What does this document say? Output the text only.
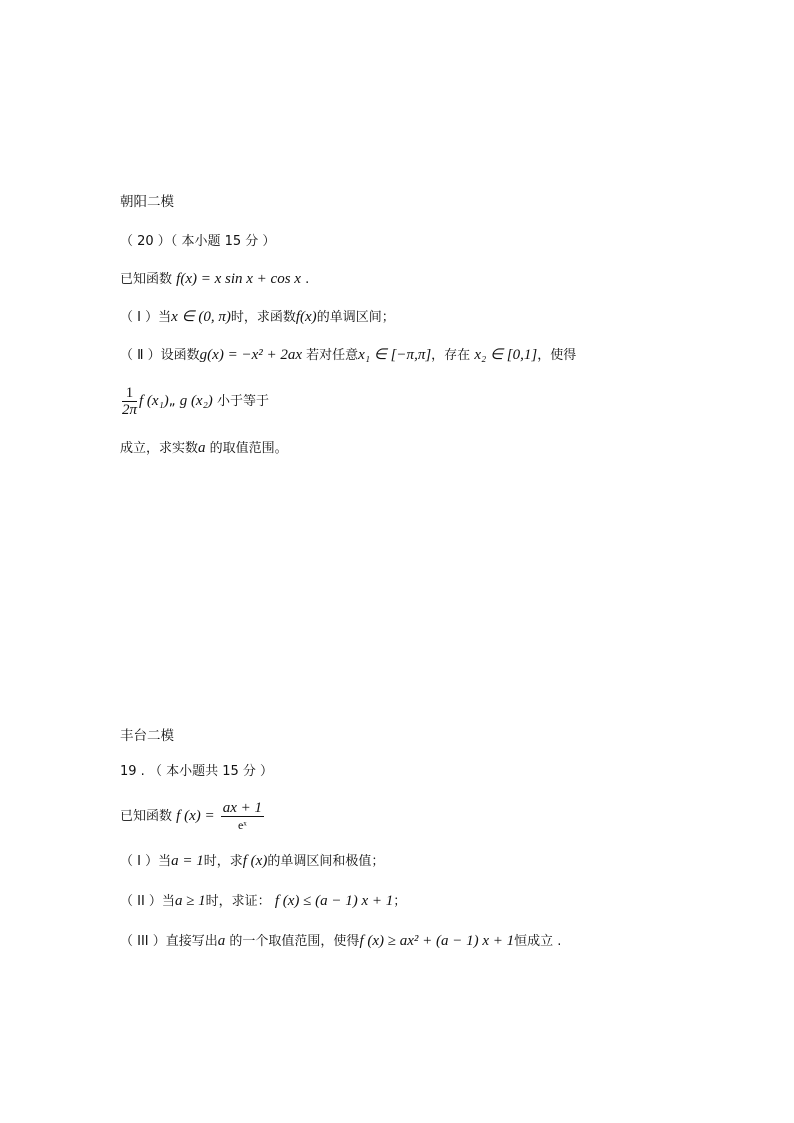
朝阳二模
（ 20 ）（ 本小题 15 分 ）
已知函数 f(x) = x sin x + cos x .
（ I ）当x ∈ (0, π)时，求函数f(x)的单调区间；
（ Ⅱ ）设函数g(x) = −x² + 2ax 若对任意x₁ ∈ [−π,π]，存在 x₂ ∈ [0,1]，使得
$\frac{1}{2\pi}$ f (x₁)„ g (x₂) 小于等于
成立，求实数a 的取值范围。
丰台二模
19 . （ 本小题共 15 分 ）
已知函数 f $(x) = \frac{ax + 1}{\text{eˣ}}$
（ I ）当a = 1时，求f (x)的单调区间和极值；
（ II ）当a ≥ 1时，求证： f (x) ≤ (a − 1) x + 1；
（ III ）直接写出a 的一个取值范围，使得f (x) ≥ ax² + (a − 1) x + 1恒成立 .
